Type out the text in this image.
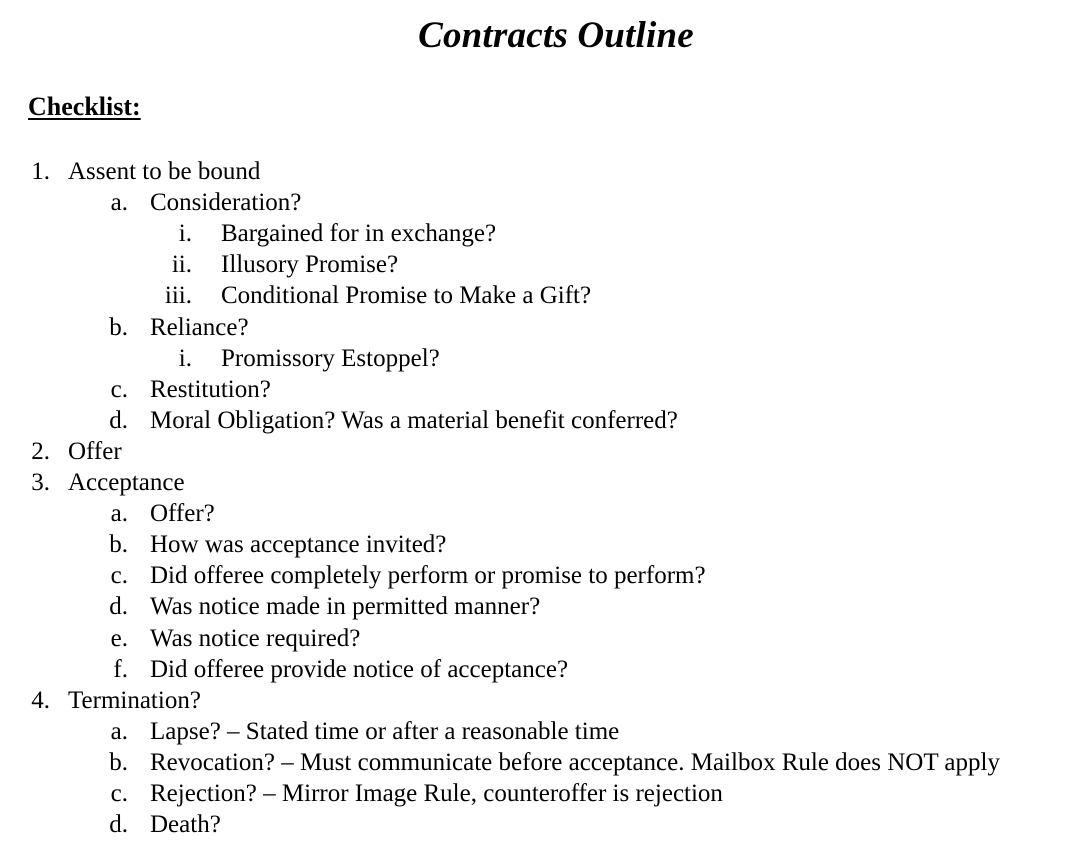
Contracts Outline
Checklist:
1. Assent to be bound
a. Consideration?
i. Bargained for in exchange?
ii. Illusory Promise?
iii. Conditional Promise to Make a Gift?
b. Reliance?
i. Promissory Estoppel?
c. Restitution?
d. Moral Obligation? Was a material benefit conferred?
2. Offer
3. Acceptance
a. Offer?
b. How was acceptance invited?
c. Did offeree completely perform or promise to perform?
d. Was notice made in permitted manner?
e. Was notice required?
f. Did offeree provide notice of acceptance?
4. Termination?
a. Lapse? – Stated time or after a reasonable time
b. Revocation? – Must communicate before acceptance. Mailbox Rule does NOT apply
c. Rejection? – Mirror Image Rule, counteroffer is rejection
d. Death?
